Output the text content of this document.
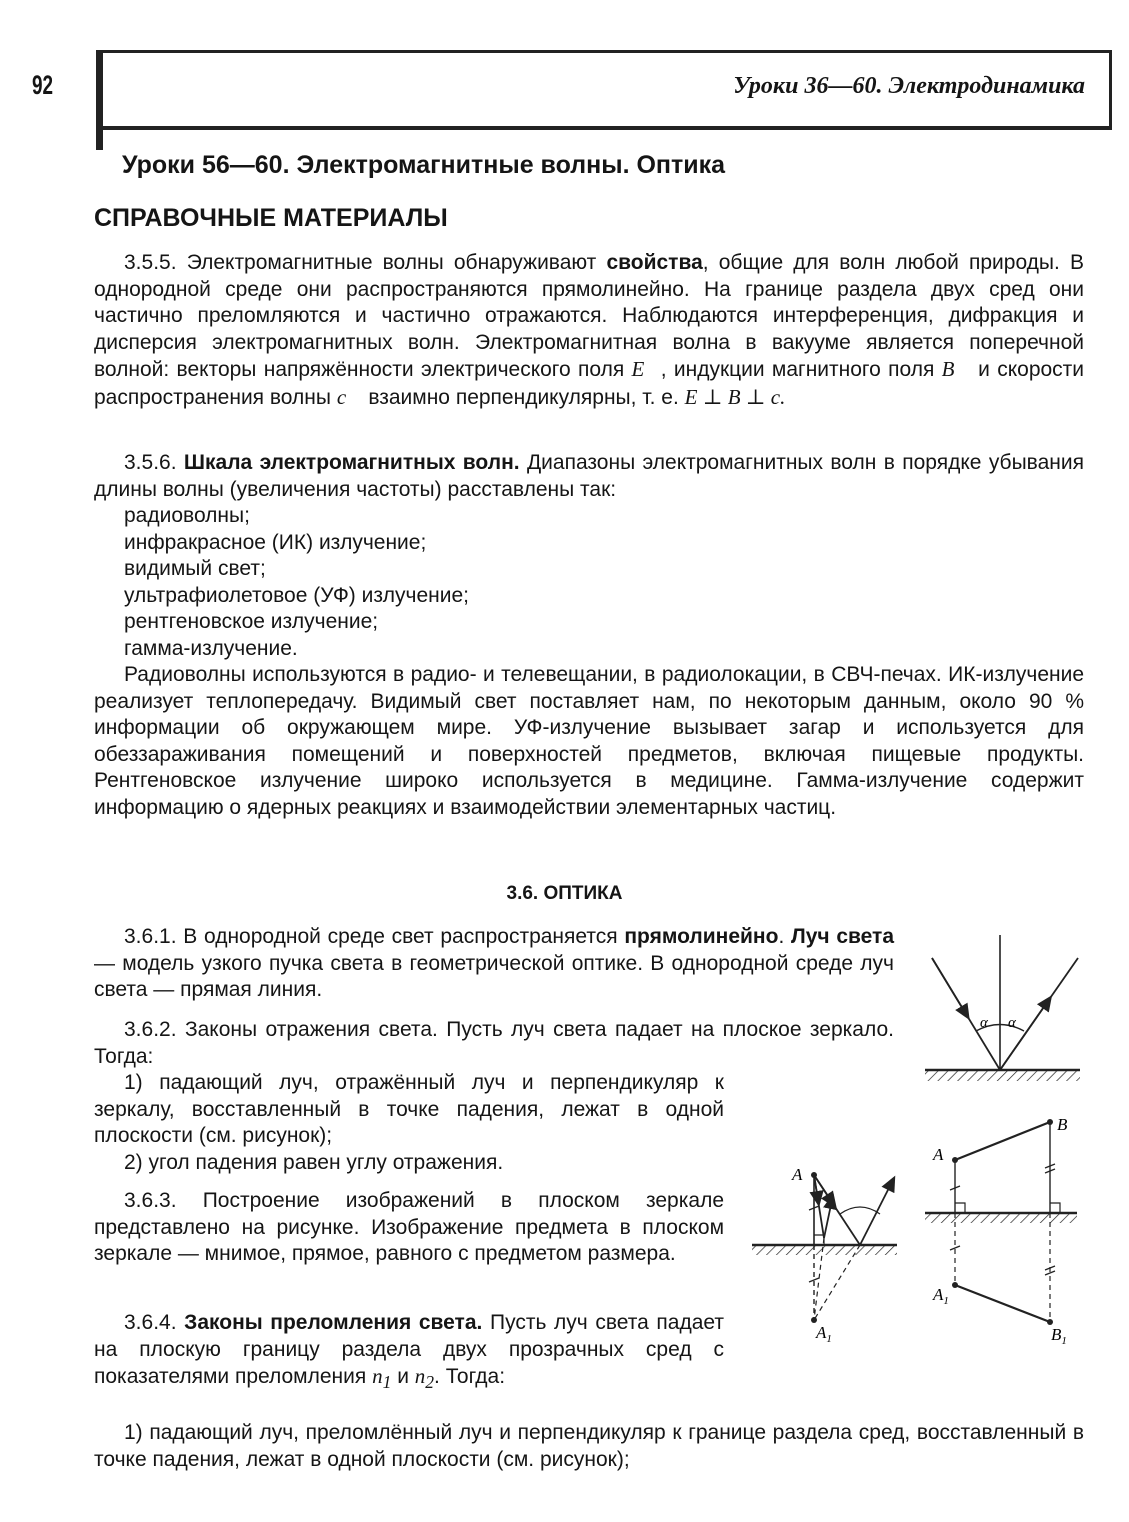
92	Уроки 36—60. Электродинамика
Уроки 56—60. Электромагнитные волны. Оптика
СПРАВОЧНЫЕ МАТЕРИАЛЫ
3.5.5. Электромагнитные волны обнаруживают свойства, общие для волн любой природы. В однородной среде они распространяются прямолинейно. На границе раздела двух сред они частично преломляются и частично отражаются. Наблюдаются интерференция, дифракция и дисперсия электромагнитных волн. Электромагнитная волна в вакууме является поперечной волной: векторы напряжённости электрического поля E, индукции магнитного поля B и скорости распространения волны c взаимно перпендикулярны, т. е. E ⊥ B ⊥ c.

3.5.6. Шкала электромагнитных волн. Диапазоны электромагнитных волн в порядке убывания длины волны (увеличения частоты) расставлены так:

радиоволны;

инфракрасное (ИК) излучение;

видимый свет;

ультрафиолетовое (УФ) излучение;

рентгеновское излучение;

гамма-излучение.

Радиоволны используются в радио- и телевещании, в радиолокации, в СВЧ-печах. ИК-излучение реализует теплопередачу. Видимый свет поставляет нам, по некоторым данным, около 90 % информации об окружающем мире. УФ-излучение вызывает загар и используется для обеззараживания помещений и поверхностей предметов, включая пищевые продукты. Рентгеновское излучение широко используется в медицине. Гамма-излучение содержит информацию о ядерных реакциях и взаимодействии элементарных частиц.
3.6. ОПТИКА
3.6.1. В однородной среде свет распространяется прямолинейно. Луч света — модель узкого пучка света в геометрической оптике. В однородной среде луч света — прямая линия.
3.6.2. Законы отражения света. Пусть луч света падает на плоское зеркало. Тогда:

1) падающий луч, отражённый луч и перпендикуляр к зеркалу, восставленный в точке падения, лежат в одной плоскости (см. рисунок);

2) угол падения равен углу отражения.

3.6.3. Построение изображений в плоском зеркале представлено на рисунке. Изображение предмета в плоском зеркале — мнимое, прямое, равного с предметом размера.
3.6.4. Законы преломления света. Пусть луч света падает на плоскую границу раздела двух прозрачных сред с показателями преломления $n_1$ и $n_2$. Тогда:
1) падающий луч, преломлённый луч и перпендикуляр к границе раздела сред, восставленный в точке падения, лежат в одной плоскости (см. рисунок);
α α
A
$A_1$
A
B
$A_1$
$B_1$
